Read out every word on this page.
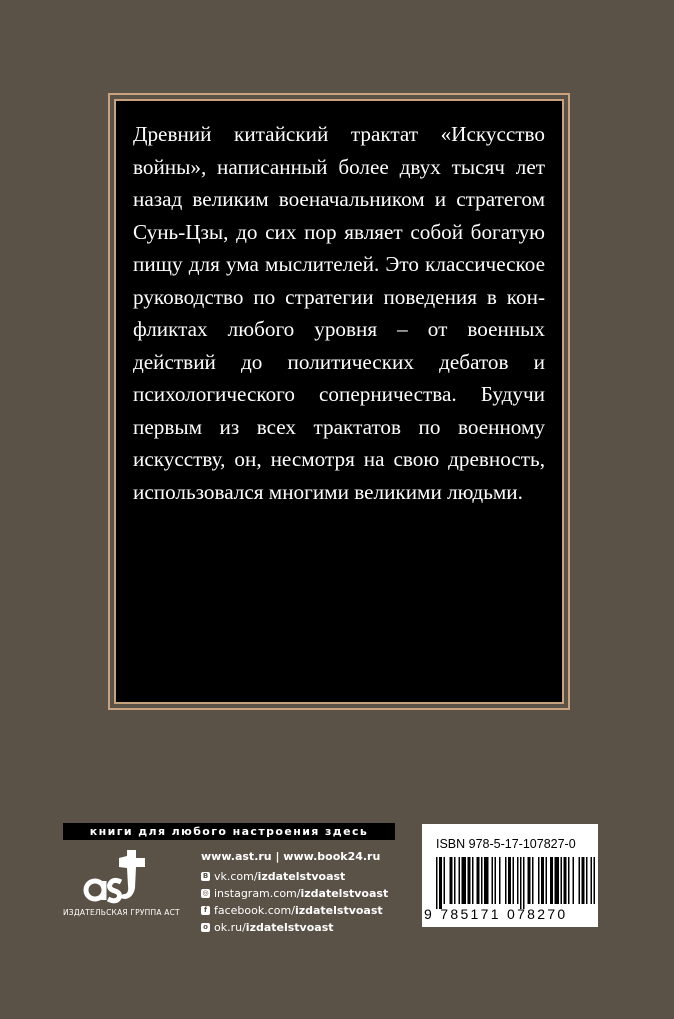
Древний китайский трактат «Искусство войны», написанный более двух тысяч лет назад великим военачальником и стратегом Сунь-Цзы, до сих пор являет собой богатую пищу для ума мыслителей. Это классическое руководство по стратегии поведения в конфликтах любого уровня – от военных действий до политических дебатов и психологического соперничества. Будучи первым из всех трактатов по военному искусству, он, несмотря на свою древность, использовался многими великими людьми.

книги для любого настроения здесь
ИЗДАТЕЛЬСКАЯ ГРУППА АСТ
www.ast.ru | www.book24.ru
B vk.com/ izdatelstvoast
◎ instagram.com/ izdatelstvoast
f facebook.com/ izdatelstvoast
o ok.ru/ izdatelstvoast
ISBN 978-5-17-107827-0
9 785171 078270
